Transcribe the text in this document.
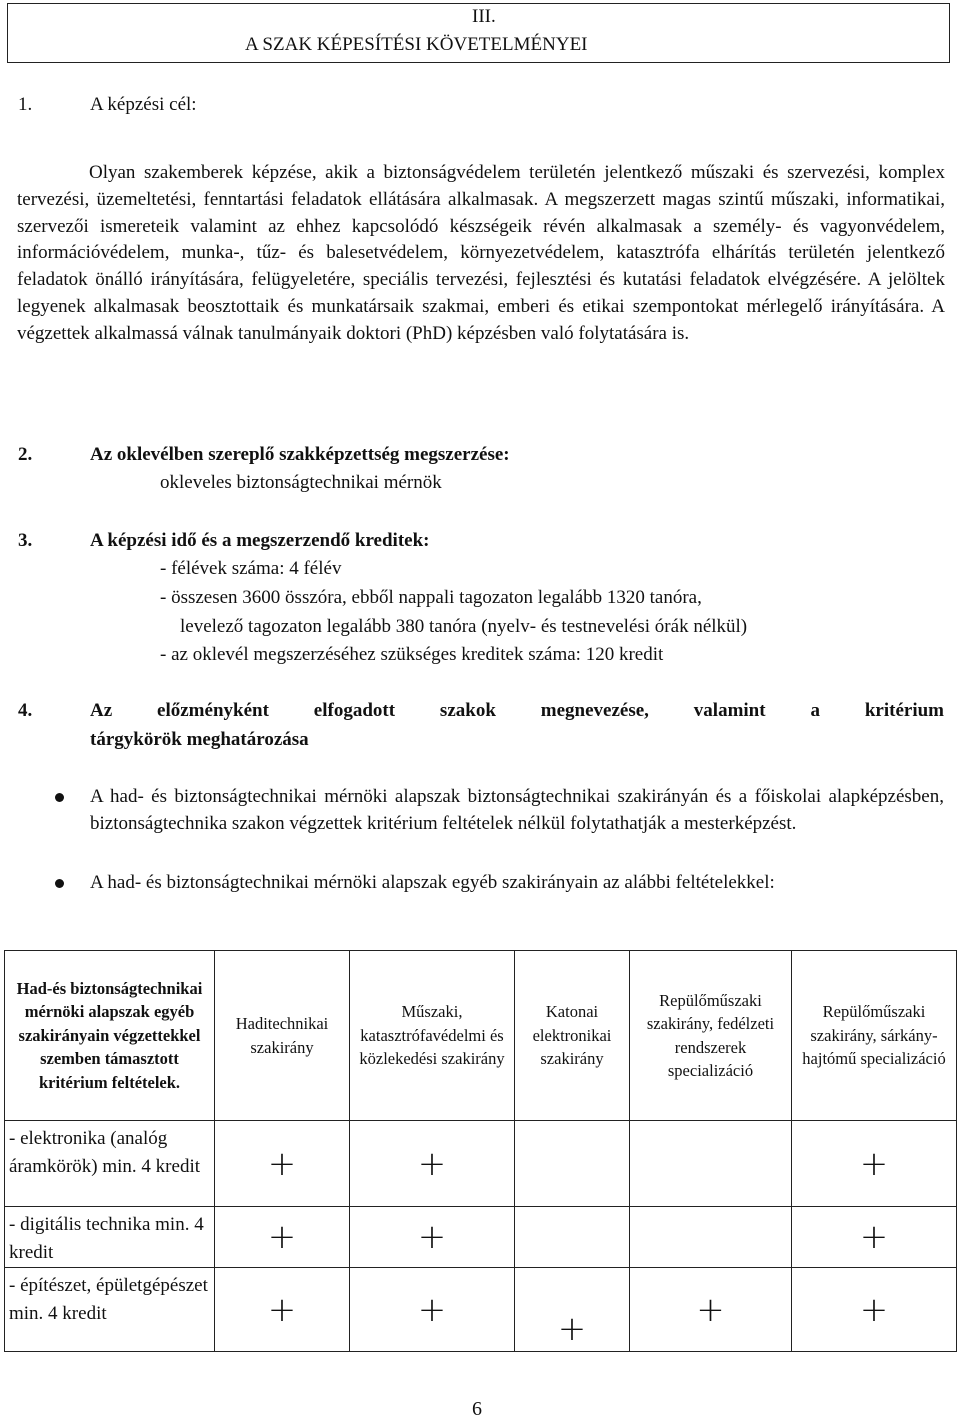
III.
A SZAK KÉPESÍTÉSI KÖVETELMÉNYEI
1.	A képzési cél:

Olyan szakemberek képzése, akik a biztonságvédelem területén jelentkező műszaki és szervezési, komplex tervezési, üzemeltetési, fenntartási feladatok ellátására alkalmasak. A megszerzett magas szintű műszaki, informatikai, szervezői ismereteik valamint az ehhez kapcsolódó készségeik révén alkalmasak a személy- és vagyonvédelem, információvédelem, munka-, tűz- és balesetvédelem, környezetvédelem, katasztrófa elhárítás területén jelentkező feladatok önálló irányítására, felügyeletére, speciális tervezési, fejlesztési és kutatási feladatok elvégzésére. A jelöltek legyenek alkalmasak beosztottaik és munkatársaik szakmai, emberi és etikai szempontokat mérlegelő irányítására. A végzettek alkalmassá válnak tanulmányaik doktori (PhD) képzésben való folytatására is.

2.	Az oklevélben szereplő szakképzettség megszerzése:
okleveles biztonságtechnikai mérnök
3.	A képzési idő és a megszerzendő kreditek:
- félévek száma: 4 félév
- összesen 3600 összóra, ebből nappali tagozaton legalább 1320 tanóra,
levelező tagozaton legalább 380 tanóra (nyelv- és testnevelési órák nélkül)
- az oklevél megszerzéséhez szükséges kreditek száma: 120 kredit
4.	Az előzményként elfogadott szakok megnevezése, valamint a kritérium
tárgykörök meghatározása

A had- és biztonságtechnikai mérnöki alapszak biztonságtechnikai szakirányán és a főiskolai alapképzésben, biztonságtechnika szakon végzettek kritérium feltételek nélkül folytathatják a mesterképzést.

A had- és biztonságtechnikai mérnöki alapszak egyéb szakirányain az alábbi feltételekkel:

Had-és biztonságtechnikai mérnöki alapszak egyéb szakirányain végzettekkel szemben támasztott kritérium feltételek.	Haditechnikai szakirány	Műszaki, katasztrófavédelmi és közlekedési szakirány	Katonai elektronikai szakirány	Repülőműszaki szakirány, fedélzeti rendszerek specializáció	Repülőműszaki szakirány, sárkány-hajtómű specializáció
- elektronika (analóg áramkörök) min. 4 kredit	+	+			+
- digitális technika min. 4 kredit	+	+			+
- építészet, épületgépészet min. 4 kredit	+	+	+	+	+
6
